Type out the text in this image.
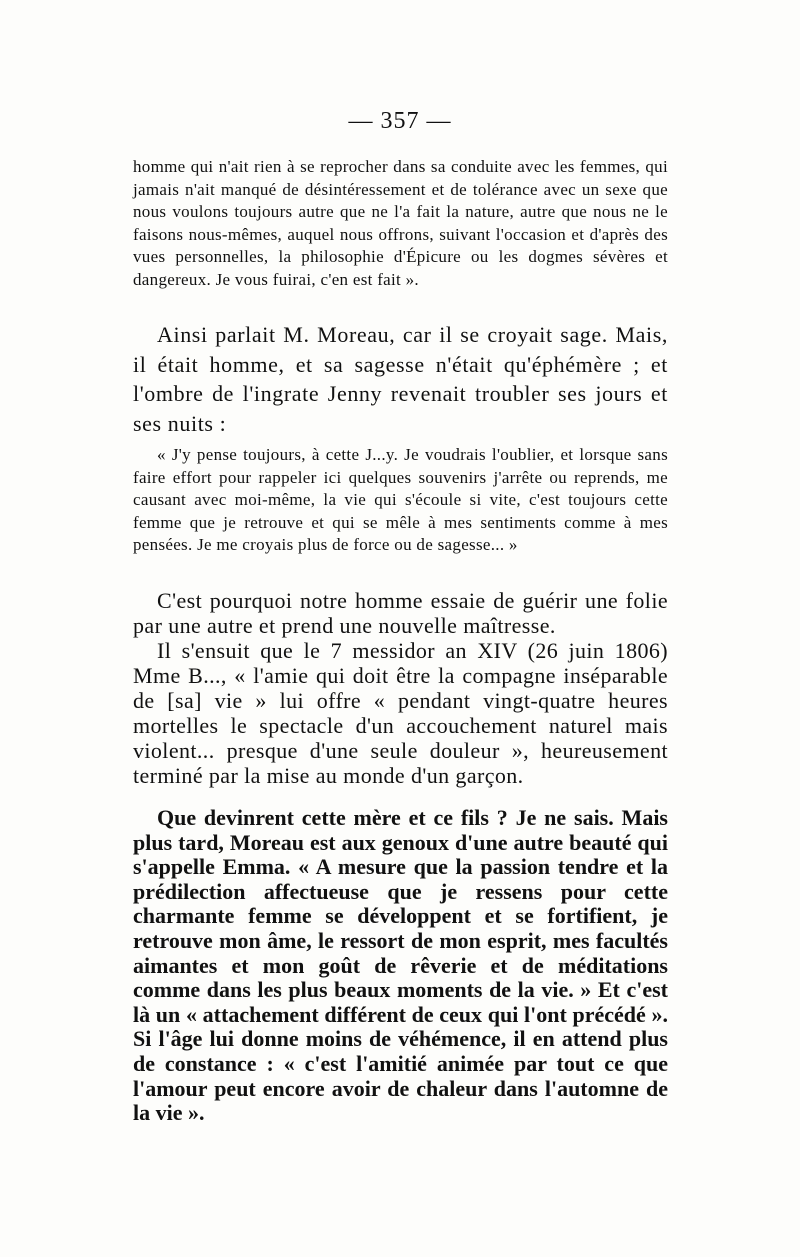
— 357 —

homme qui n'ait rien à se reprocher dans sa conduite avec les femmes, qui jamais n'ait manqué de désintéressement et de tolérance avec un sexe que nous voulons toujours autre que ne l'a fait la nature, autre que nous ne le faisons nous-mêmes, auquel nous offrons, suivant l'occasion et d'après des vues personnelles, la philosophie d'Épicure ou les dogmes sévères et dangereux. Je vous fuirai, c'en est fait ».

Ainsi parlait M. Moreau, car il se croyait sage. Mais, il était homme, et sa sagesse n'était qu'éphémère ; et l'ombre de l'ingrate Jenny revenait troubler ses jours et ses nuits :

« J'y pense toujours, à cette J...y. Je voudrais l'oublier, et lorsque sans faire effort pour rappeler ici quelques souvenirs j'arrête ou reprends, me causant avec moi-même, la vie qui s'écoule si vite, c'est toujours cette femme que je retrouve et qui se mêle à mes sentiments comme à mes pensées. Je me croyais plus de force ou de sagesse... »

C'est pourquoi notre homme essaie de guérir une folie par une autre et prend une nouvelle maîtresse.

Il s'ensuit que le 7 messidor an XIV (26 juin 1806) Mme B..., « l'amie qui doit être la compagne inséparable de [sa] vie » lui offre « pendant vingt-quatre heures mortelles le spectacle d'un accouchement naturel mais violent... presque d'une seule douleur », heureusement terminé par la mise au monde d'un garçon.

Que devinrent cette mère et ce fils ? Je ne sais. Mais plus tard, Moreau est aux genoux d'une autre beauté qui s'appelle Emma. « A mesure que la passion tendre et la prédilection affectueuse que je ressens pour cette charmante femme se développent et se fortifient, je retrouve mon âme, le ressort de mon esprit, mes facultés aimantes et mon goût de rêverie et de méditations comme dans les plus beaux moments de la vie. » Et c'est là un « attachement différent de ceux qui l'ont précédé ». Si l'âge lui donne moins de véhémence, il en attend plus de constance : « c'est l'amitié animée par tout ce que l'amour peut encore avoir de chaleur dans l'automne de la vie ».
